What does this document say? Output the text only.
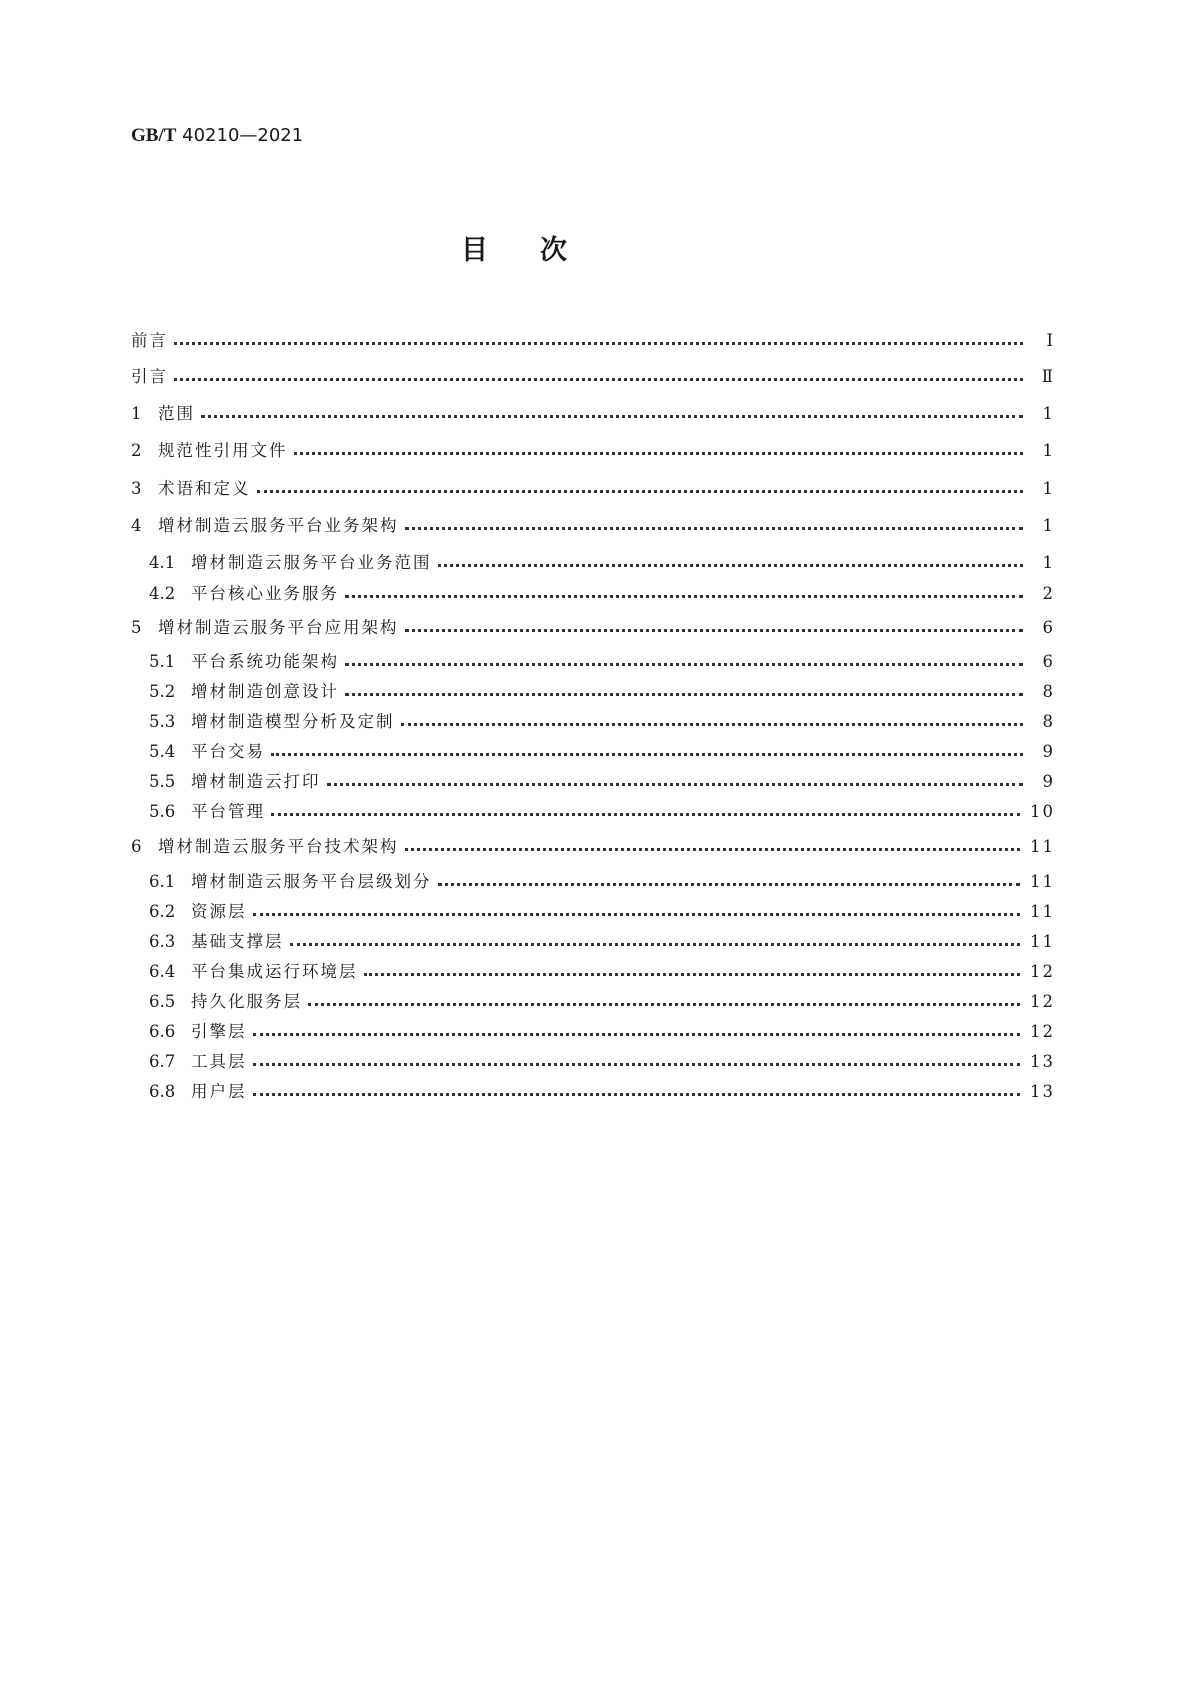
GB/T 40210—2021
目次
前言	Ⅰ
引言	Ⅱ
1	范围	1
2	规范性引用文件	1
3	术语和定义	1
4	增材制造云服务平台业务架构	1
4.1 增材制造云服务平台业务范围	1
4.2 平台核心业务服务	2
5	增材制造云服务平台应用架构	6
5.1 平台系统功能架构	6
5.2 增材制造创意设计	8
5.3 增材制造模型分析及定制	8
5.4 平台交易	9
5.5 增材制造云打印	9
5.6 平台管理	10
6	增材制造云服务平台技术架构	11
6.1 增材制造云服务平台层级划分	11
6.2 资源层	11
6.3 基础支撑层	11
6.4 平台集成运行环境层	12
6.5 持久化服务层	12
6.6 引擎层	12
6.7 工具层	13
6.8 用户层	13
